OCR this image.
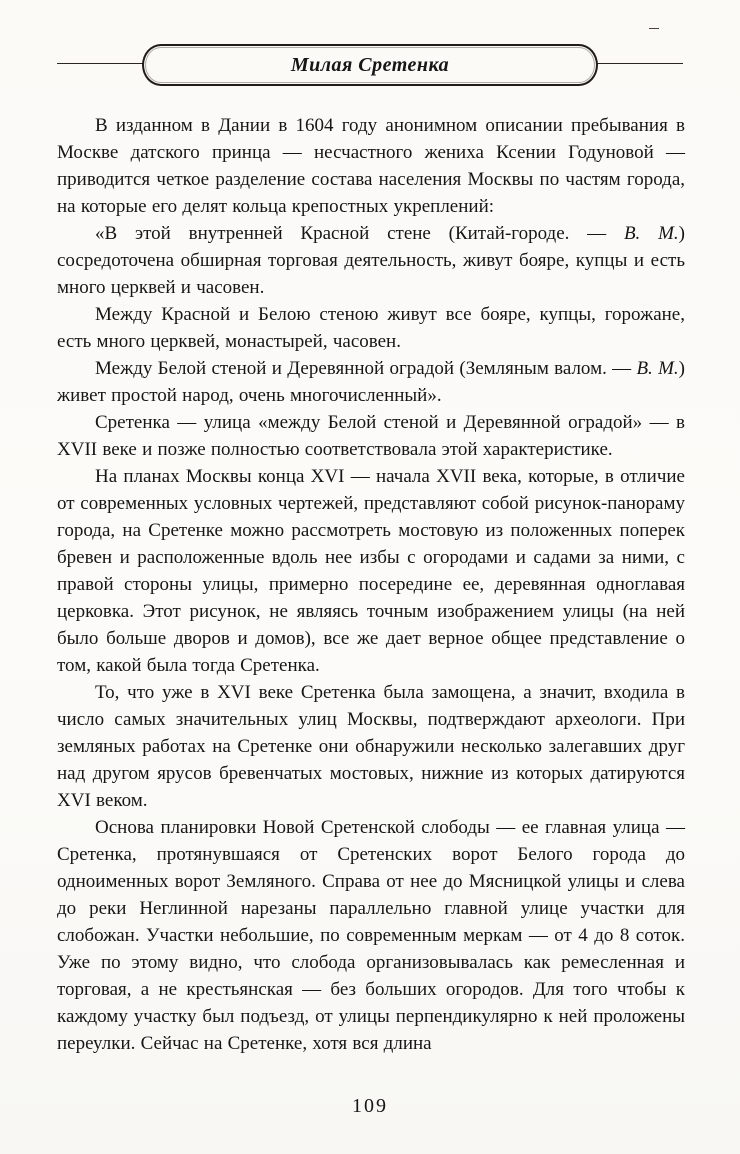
Милая Сретенка

В изданном в Дании в 1604 году анонимном описании пребывания в Москве датского принца — несчастного жениха Ксении Годуновой — приводится четкое разделение состава населения Москвы по частям города, на которые его делят кольца крепостных укреплений:

«В этой внутренней Красной стене (Китай-городе. — В. М.) сосредоточена обширная торговая деятельность, живут бояре, купцы и есть много церквей и часовен.

Между Красной и Белою стеною живут все бояре, купцы, горожане, есть много церквей, монастырей, часовен.

Между Белой стеной и Деревянной оградой (Земляным валом. — В. М.) живет простой народ, очень многочисленный».

Сретенка — улица «между Белой стеной и Деревянной оградой» — в XVII веке и позже полностью соответствовала этой характеристике.

На планах Москвы конца XVI — начала XVII века, которые, в отличие от современных условных чертежей, представляют собой рисунок-панораму города, на Сретенке можно рассмотреть мостовую из положенных поперек бревен и расположенные вдоль нее избы с огородами и садами за ними, с правой стороны улицы, примерно посередине ее, деревянная одноглавая церковка. Этот рисунок, не являясь точным изображением улицы (на ней было больше дворов и домов), все же дает верное общее представление о том, какой была тогда Сретенка.

То, что уже в XVI веке Сретенка была замощена, а значит, входила в число самых значительных улиц Москвы, подтверждают археологи. При земляных работах на Сретенке они обнаружили несколько залегавших друг над другом ярусов бревенчатых мостовых, нижние из которых датируются XVI веком.

Основа планировки Новой Сретенской слободы — ее главная улица — Сретенка, протянувшаяся от Сретенских ворот Белого города до одноименных ворот Земляного. Справа от нее до Мясницкой улицы и слева до реки Неглинной нарезаны параллельно главной улице участки для слобожан. Участки небольшие, по современным меркам — от 4 до 8 соток. Уже по этому видно, что слобода организовывалась как ремесленная и торговая, а не крестьянская — без больших огородов. Для того чтобы к каждому участку был подъезд, от улицы перпендикулярно к ней проложены переулки. Сейчас на Сретенке, хотя вся длина

109
